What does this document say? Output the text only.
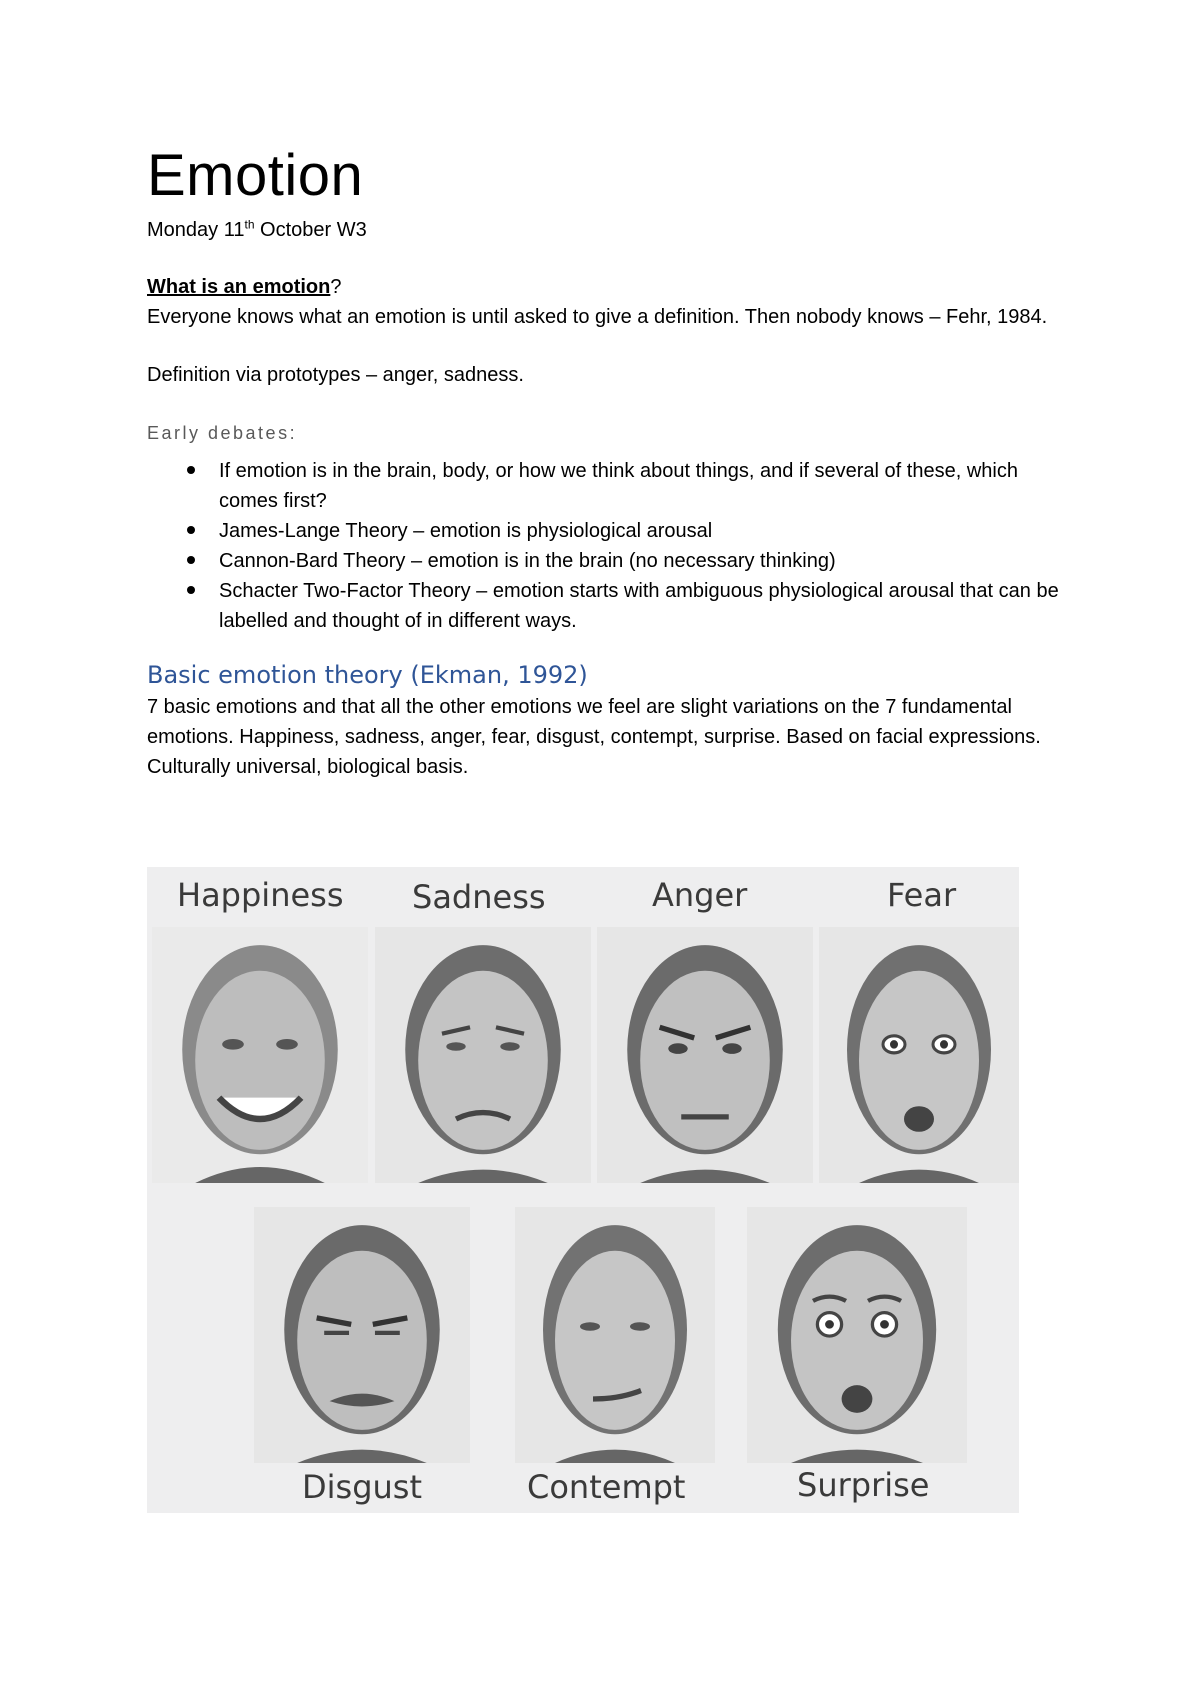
Emotion

Monday 11th October W3

What is an emotion?

Everyone knows what an emotion is until asked to give a definition. Then nobody knows – Fehr, 1984.

Definition via prototypes – anger, sadness.

Early debates:

If emotion is in the brain, body, or how we think about things, and if several of these, which comes first?
James-Lange Theory – emotion is physiological arousal
Cannon-Bard Theory – emotion is in the brain (no necessary thinking)
Schacter Two-Factor Theory – emotion starts with ambiguous physiological arousal that can be labelled and thought of in different ways.
Basic emotion theory (Ekman, 1992)

7 basic emotions and that all the other emotions we feel are slight variations on the 7 fundamental emotions. Happiness, sadness, anger, fear, disgust, contempt, surprise. Based on facial expressions. Culturally universal, biological basis.

Happiness Sadness	Anger	Fear
Disgust	Contempt	Surprise
